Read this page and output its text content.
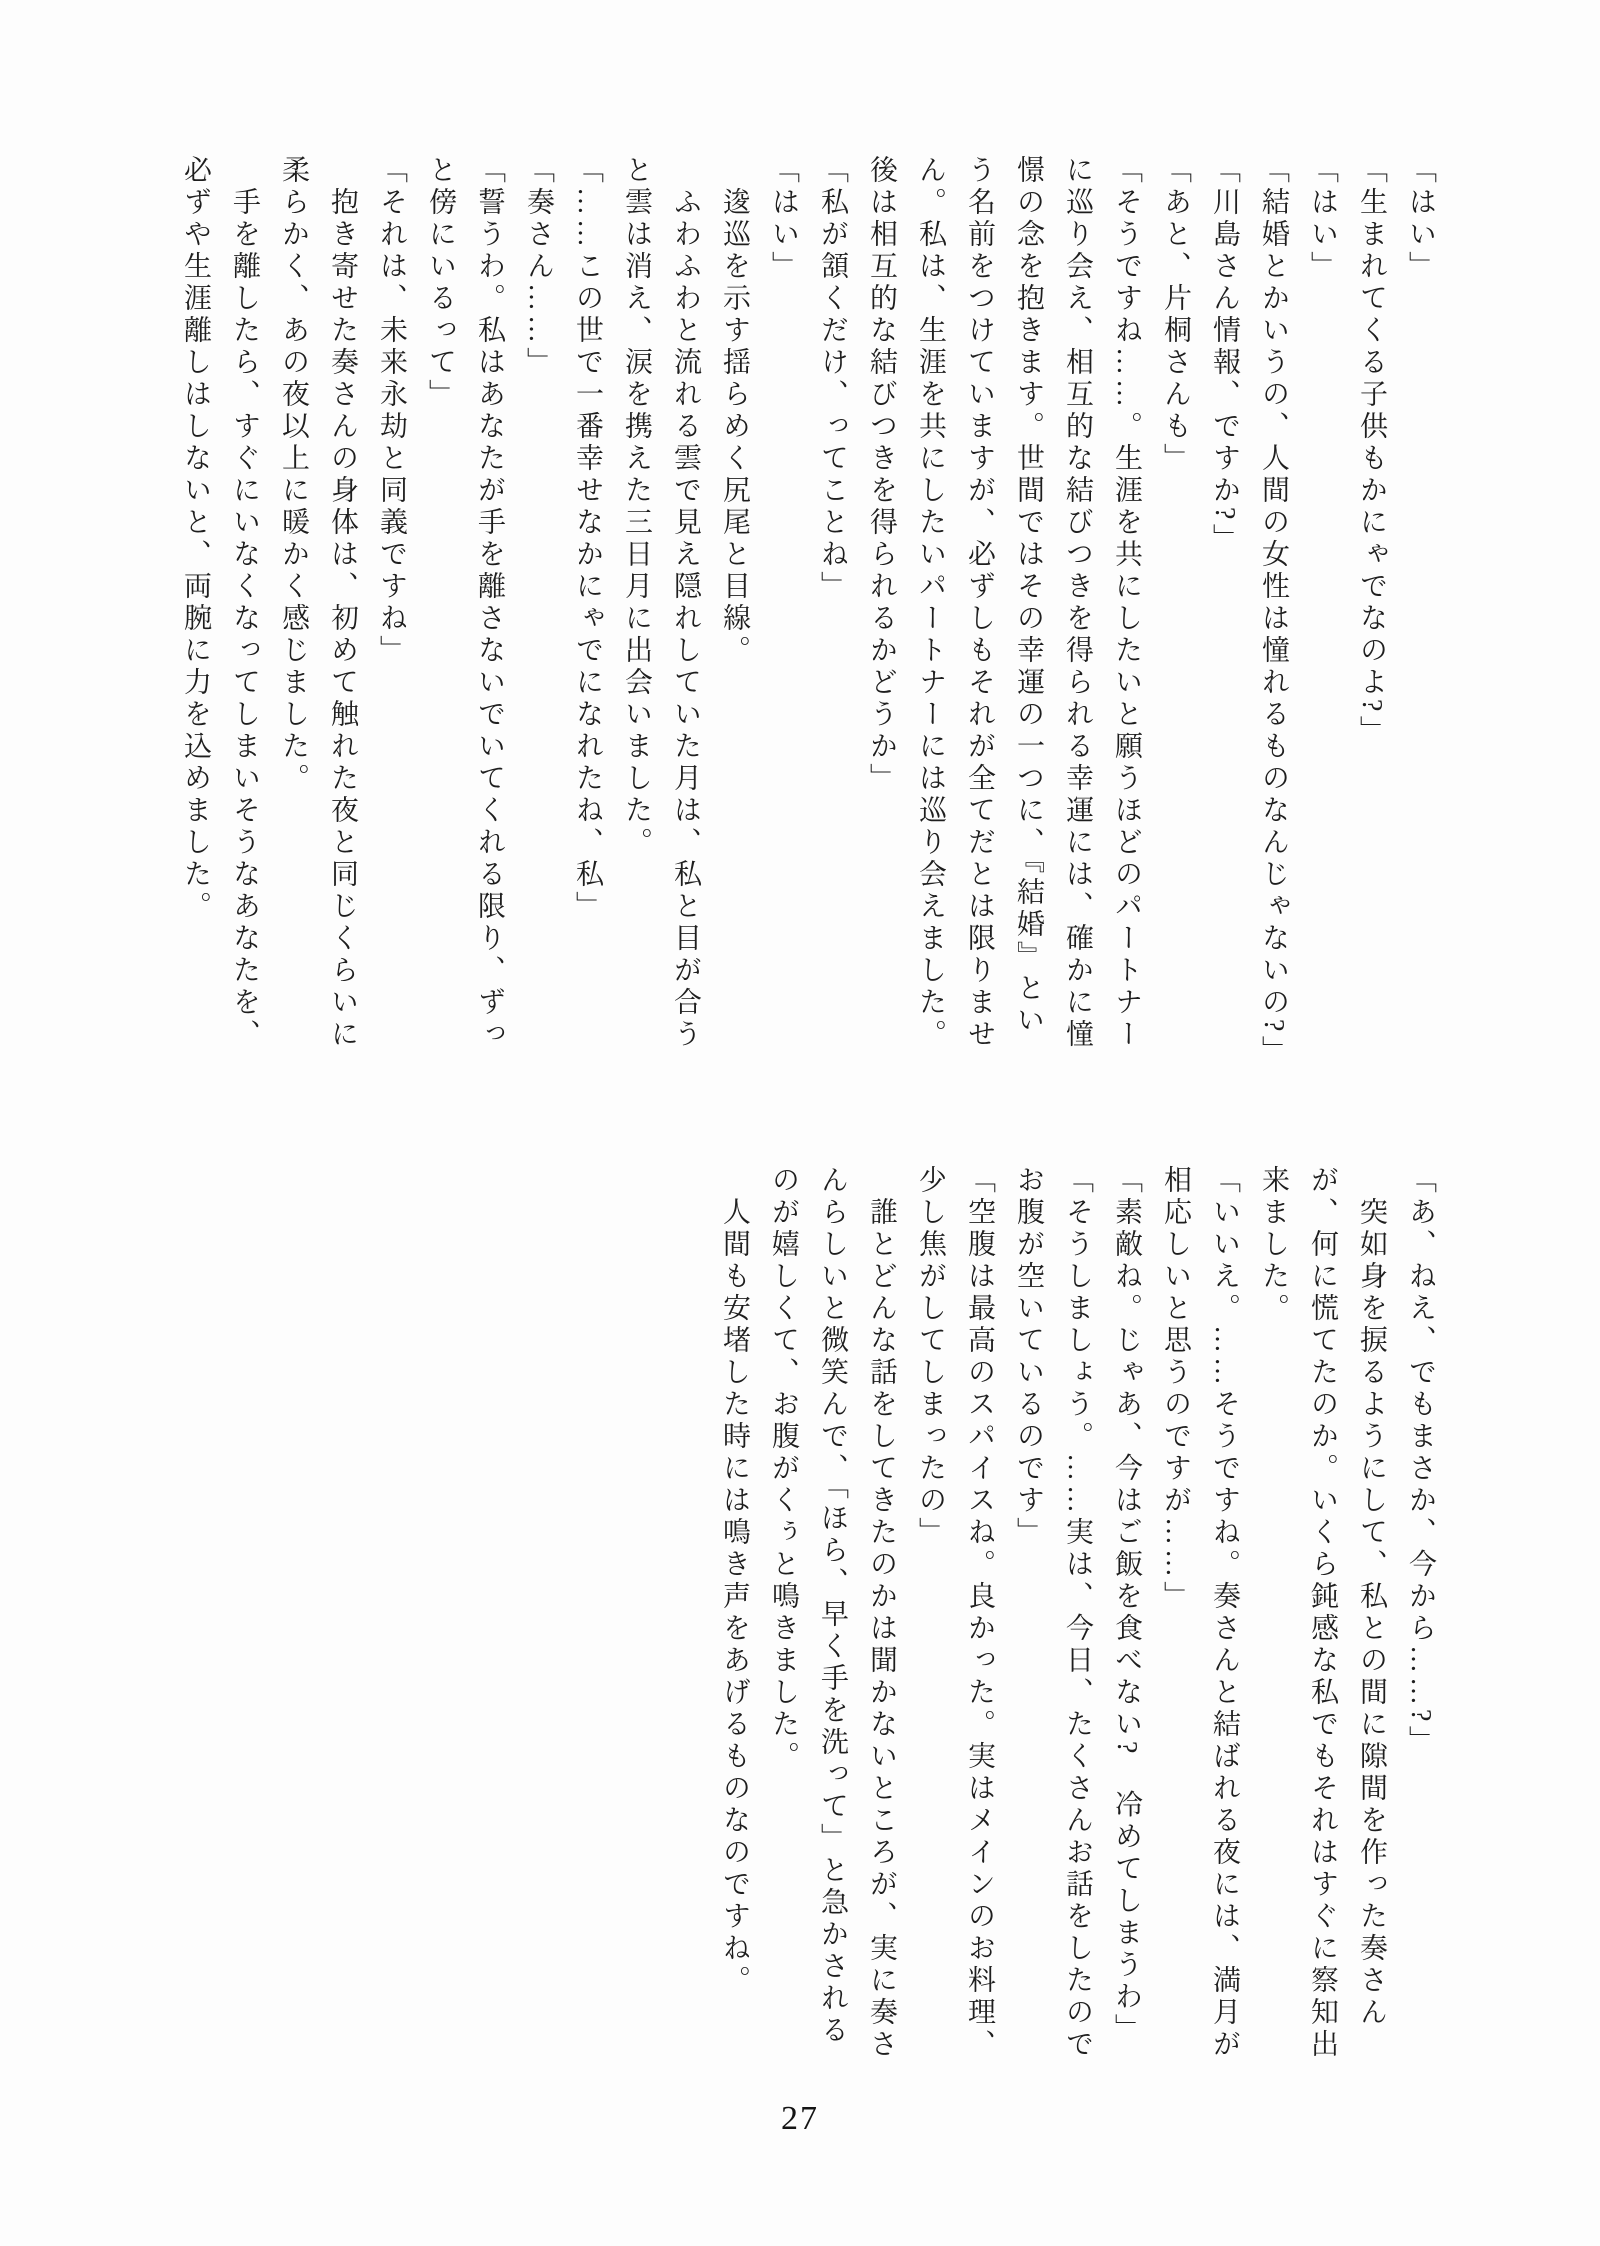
「はい」

「生まれてくる子供もかにゃでなのよ?」

「はい」

「結婚とかいうの、人間の女性は憧れるものなんじゃないの?」

「川島さん情報、ですか?」

「あと、片桐さんも」

「そうですね……。生涯を共にしたいと願うほどのパートナーに巡り会え、相互的な結びつきを得られる幸運には、確かに憧憬の念を抱きます。世間ではその幸運の一つに、『結婚』という名前をつけていますが、必ずしもそれが全てだとは限りません。私は、生涯を共にしたいパートナーには巡り会えました。後は相互的な結びつきを得られるかどうか」

「私が頷くだけ、ってことね」

「はい」

逡巡を示す揺らめく尻尾と目線。

ふわふわと流れる雲で見え隠れしていた月は、私と目が合うと雲は消え、涙を携えた三日月に出会いました。

「……この世で一番幸せなかにゃでになれたね、私」

「奏さん……」

「誓うわ。私はあなたが手を離さないでいてくれる限り、ずっと傍にいるって」

「それは、未来永劫と同義ですね」

抱き寄せた奏さんの身体は、初めて触れた夜と同じくらいに柔らかく、あの夜以上に暖かく感じました。

手を離したら、すぐにいなくなってしまいそうなあなたを、必ずや生涯離しはしないと、両腕に力を込めました。

「あ、ねえ、でもまさか、今から……?」

突如身を捩るようにして、私との間に隙間を作った奏さんが、何に慌てたのか。いくら鈍感な私でもそれはすぐに察知出来ました。

「いいえ。……そうですね。奏さんと結ばれる夜には、満月が相応しいと思うのですが……」

「素敵ね。じゃあ、今はご飯を食べない?　冷めてしまうわ」

「そうしましょう。……実は、今日、たくさんお話をしたのでお腹が空いているのです」

「空腹は最高のスパイスね。良かった。実はメインのお料理、少し焦がしてしまったの」

誰とどんな話をしてきたのかは聞かないところが、実に奏さんらしいと微笑んで、「ほら、早く手を洗って」と急かされるのが嬉しくて、お腹がくぅと鳴きました。

人間も安堵した時には鳴き声をあげるものなのですね。

27
